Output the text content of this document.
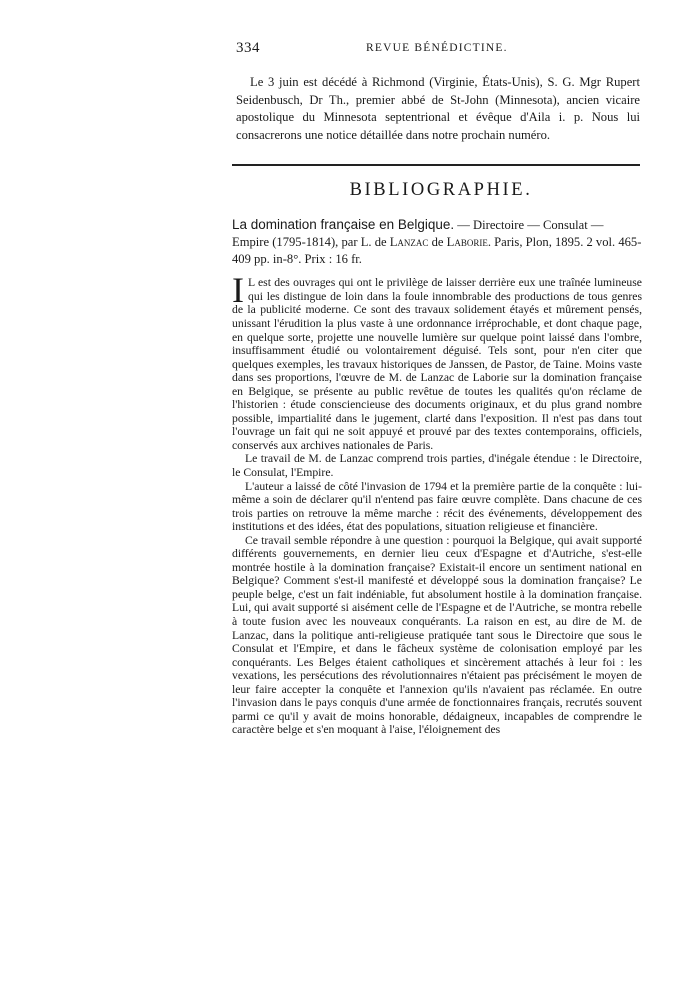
334	REVUE BÉNÉDICTINE.

Le 3 juin est décédé à Richmond (Virginie, États-Unis), S. G. Mgr Rupert Seidenbusch, Dr Th., premier abbé de St-John (Minnesota), ancien vicaire apostolique du Minnesota septentrional et évêque d'Aila i. p. Nous lui consacrerons une notice détaillée dans notre prochain numéro.

BIBLIOGRAPHIE.
La domination française en Belgique. — Directoire — Consulat — Empire (1795-1814), par L. de Lanzac de Laborie. Paris, Plon, 1895. 2 vol. 465-409 pp. in-8°. Prix : 16 fr.

I L est des ouvrages qui ont le privilège de laisser derrière eux une traînée lumineuse qui les distingue de loin dans la foule innombrable des productions de tous genres de la publicité moderne. Ce sont des travaux solidement étayés et mûrement pensés, unissant l'érudition la plus vaste à une ordonnance irréprochable, et dont chaque page, en quelque sorte, projette une nouvelle lumière sur quelque point laissé dans l'ombre, insuffisamment étudié ou volontairement déguisé. Tels sont, pour n'en citer que quelques exemples, les travaux historiques de Janssen, de Pastor, de Taine. Moins vaste dans ses proportions, l'œuvre de M. de Lanzac de Laborie sur la domination française en Belgique, se présente au public revêtue de toutes les qualités qu'on réclame de l'historien : étude consciencieuse des documents originaux, et du plus grand nombre possible, impartialité dans le jugement, clarté dans l'exposition. Il n'est pas dans tout l'ouvrage un fait qui ne soit appuyé et prouvé par des textes contemporains, officiels, conservés aux archives nationales de Paris.

Le travail de M. de Lanzac comprend trois parties, d'inégale étendue : le Directoire, le Consulat, l'Empire.

L'auteur a laissé de côté l'invasion de 1794 et la première partie de la conquête : lui-même a soin de déclarer qu'il n'entend pas faire œuvre complète. Dans chacune de ces trois parties on retrouve la même marche : récit des événements, développement des institutions et des idées, état des populations, situation religieuse et financière.

Ce travail semble répondre à une question : pourquoi la Belgique, qui avait supporté différents gouvernements, en dernier lieu ceux d'Espagne et d'Autriche, s'est-elle montrée hostile à la domination française? Existait-il encore un sentiment national en Belgique? Comment s'est-il manifesté et développé sous la domination française? Le peuple belge, c'est un fait indéniable, fut absolument hostile à la domination française. Lui, qui avait supporté si aisément celle de l'Espagne et de l'Autriche, se montra rebelle à toute fusion avec les nouveaux conquérants. La raison en est, au dire de M. de Lanzac, dans la politique anti-religieuse pratiquée tant sous le Directoire que sous le Consulat et l'Empire, et dans le fâcheux système de colonisation employé par les conquérants. Les Belges étaient catholiques et sincèrement attachés à leur foi : les vexations, les persécutions des révolutionnaires n'étaient pas précisément le moyen de leur faire accepter la conquête et l'annexion qu'ils n'avaient pas réclamée. En outre l'invasion dans le pays conquis d'une armée de fonctionnaires français, recrutés souvent parmi ce qu'il y avait de moins honorable, dédaigneux, incapables de comprendre le caractère belge et s'en moquant à l'aise, l'éloignement des
